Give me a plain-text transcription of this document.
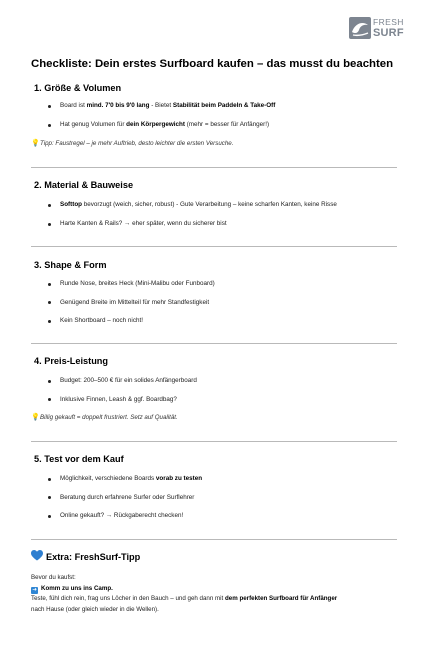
FRESH
SURF
Checkliste: Dein erstes Surfboard kaufen – das musst du beachten
1. Größe & Volumen
Board ist mind. 7'0 bis 9'0 lang - Bietet Stabilität beim Paddeln & Take-Off
Hat genug Volumen für dein Körpergewicht (mehr = besser für Anfänger!)
💡 Tipp: Faustregel – je mehr Auftrieb, desto leichter die ersten Versuche.
2. Material & Bauweise
Softtop bevorzugt (weich, sicher, robust) - Gute Verarbeitung – keine scharfen Kanten, keine Risse
Harte Kanten & Rails? → eher später, wenn du sicherer bist
3. Shape & Form
Runde Nose, breites Heck (Mini-Malibu oder Funboard)
Genügend Breite im Mittelteil für mehr Standfestigkeit
Kein Shortboard – noch nicht!
4. Preis-Leistung
Budget: 200–500 € für ein solides Anfängerboard
Inklusive Finnen, Leash & ggf. Boardbag?
💡 Billig gekauft = doppelt frustriert. Setz auf Qualität.
5. Test vor dem Kauf
Möglichkeit, verschiedene Boards vorab zu testen
Beratung durch erfahrene Surfer oder Surflehrer
Online gekauft? → Rückgaberecht checken!
Extra: FreshSurf-Tipp
Bevor du kaufst:
➜ Komm zu uns ins Camp.
Teste, fühl dich rein, frag uns Löcher in den Bauch – und geh dann mit dem perfekten Surfboard für Anfänger
nach Hause (oder gleich wieder in die Wellen).
